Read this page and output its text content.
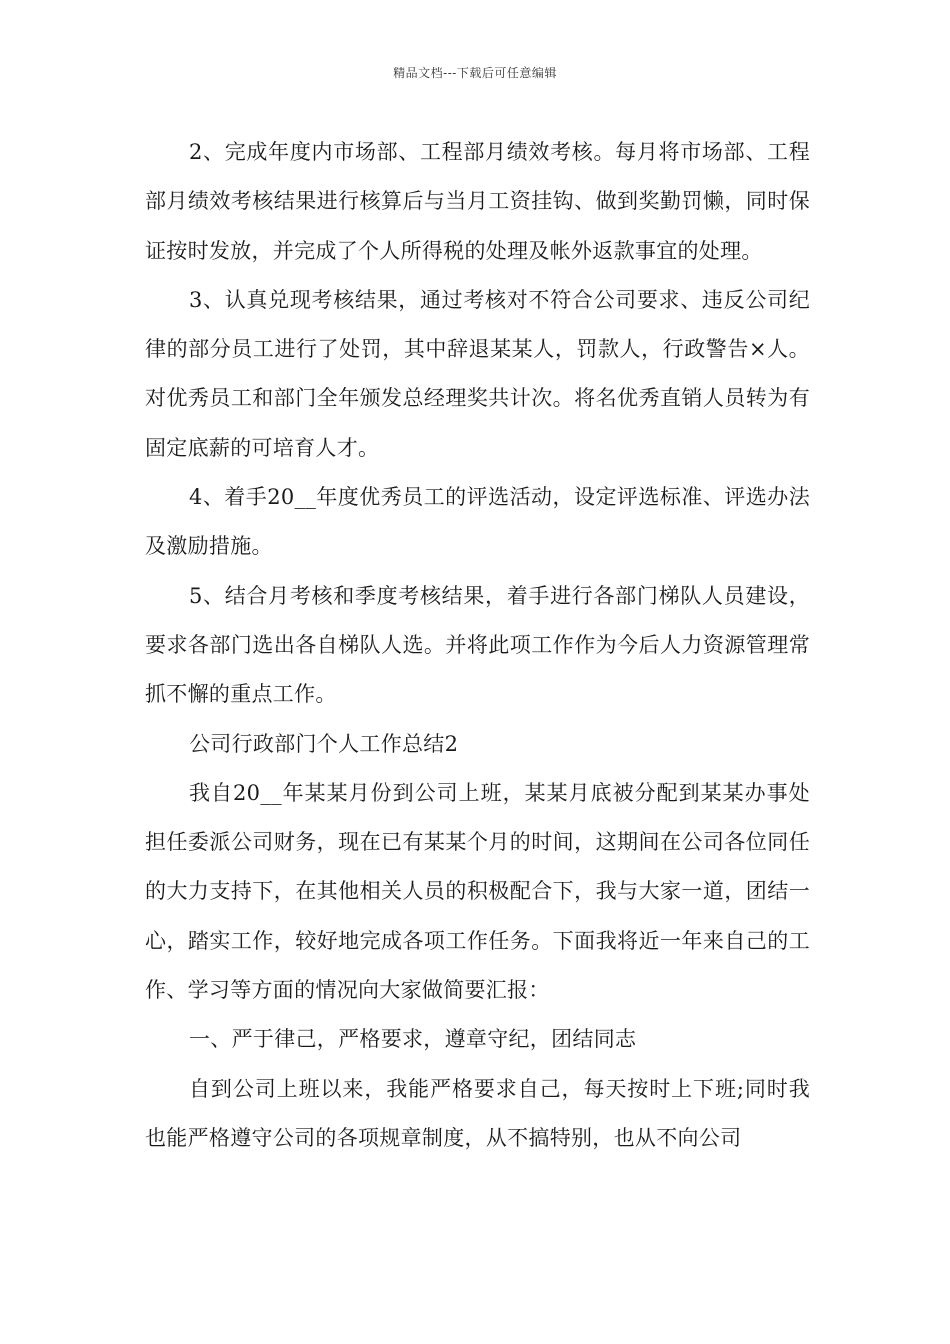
精品文档---下载后可任意编辑

2、完成年度内市场部、工程部月绩效考核。每月将市场部、工程部月绩效考核结果进行核算后与当月工资挂钩、做到奖勤罚懒，同时保证按时发放，并完成了个人所得税的处理及帐外返款事宜的处理。

3、认真兑现考核结果，通过考核对不符合公司要求、违反公司纪律的部分员工进行了处罚，其中辞退某某人，罚款人，行政警告×人。对优秀员工和部门全年颁发总经理奖共计次。将名优秀直销人员转为有固定底薪的可培育人才。

4、着手20__年度优秀员工的评选活动，设定评选标准、评选办法及激励措施。

5、结合月考核和季度考核结果，着手进行各部门梯队人员建设，要求各部门选出各自梯队人选。并将此项工作作为今后人力资源管理常抓不懈的重点工作。

公司行政部门个人工作总结2

我自20__年某某月份到公司上班，某某月底被分配到某某办事处担任委派公司财务，现在已有某某个月的时间，这期间在公司各位同任的大力支持下，在其他相关人员的积极配合下，我与大家一道，团结一心，踏实工作，较好地完成各项工作任务。下面我将近一年来自己的工作、学习等方面的情况向大家做简要汇报：

一、严于律己，严格要求，遵章守纪，团结同志

自到公司上班以来，我能严格要求自己，每天按时上下班;同时我也能严格遵守公司的各项规章制度，从不搞特别，也从不向公司
